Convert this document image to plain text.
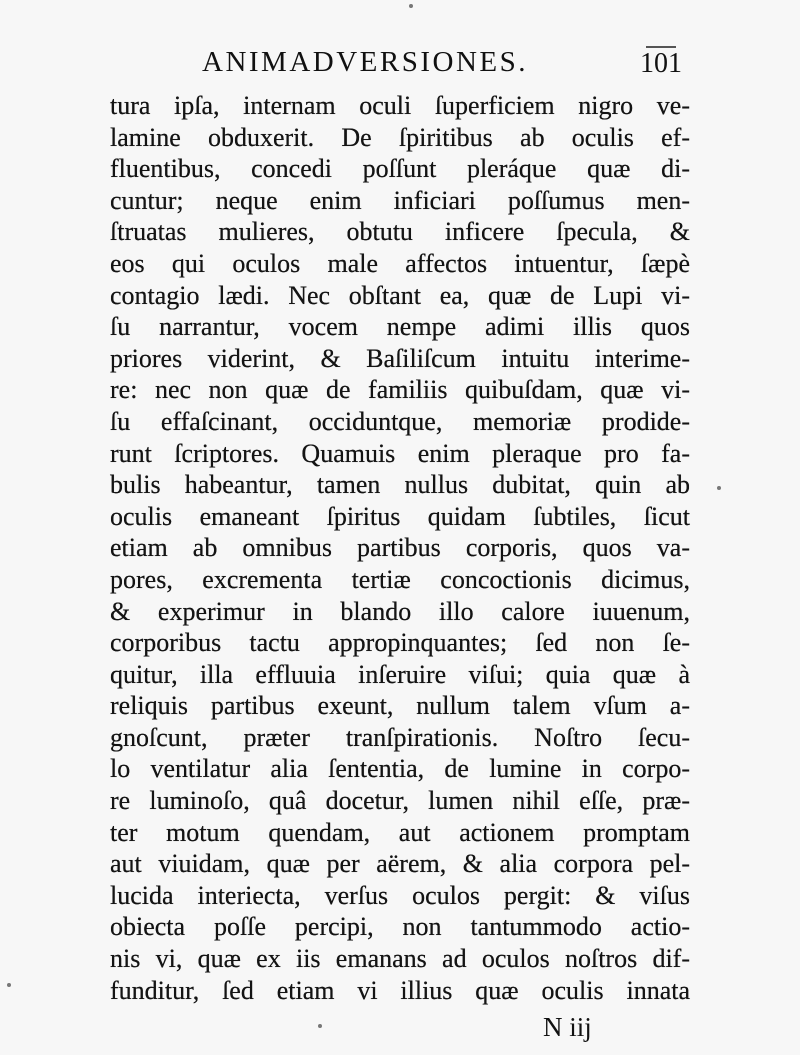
ANIMADVERSIONES.	101
tura ipſa, internam oculi ſuperficiem nigro ve-
lamine obduxerit. De ſpiritibus ab oculis ef-
fluentibus, concedi poſſunt pleráque quæ di-
cuntur; neque enim inficiari poſſumus men-
ſtruatas mulieres, obtutu inficere ſpecula, &
eos qui oculos male affectos intuentur, ſæpè
contagio lædi. Nec obſtant ea, quæ de Lupi vi-
ſu narrantur, vocem nempe adimi illis quos
priores viderint, & Baſiliſcum intuitu interime-
re: nec non quæ de familiis quibuſdam, quæ vi-
ſu effaſcinant, occiduntque, memoriæ prodide-
runt ſcriptores. Quamuis enim pleraque pro fa-
bulis habeantur, tamen nullus dubitat, quin ab
oculis emaneant ſpiritus quidam ſubtiles, ſicut
etiam ab omnibus partibus corporis, quos va-
pores, excrementa tertiæ concoctionis dicimus,
& experimur in blando illo calore iuuenum,
corporibus tactu appropinquantes; ſed non ſe-
quitur, illa effluuia inſeruire viſui; quia quæ à
reliquis partibus exeunt, nullum talem vſum a-
gnoſcunt, præter tranſpirationis. Noſtro ſecu-
lo ventilatur alia ſententia, de lumine in corpo-
re luminoſo, quâ docetur, lumen nihil eſſe, præ-
ter motum quendam, aut actionem promptam
aut viuidam, quæ per aërem, & alia corpora pel-
lucida interiecta, verſus oculos pergit: & viſus
obiecta poſſe percipi, non tantummodo actio-
nis vi, quæ ex iis emanans ad oculos noſtros dif-
funditur, ſed etiam vi illius quæ oculis innata
N iij
